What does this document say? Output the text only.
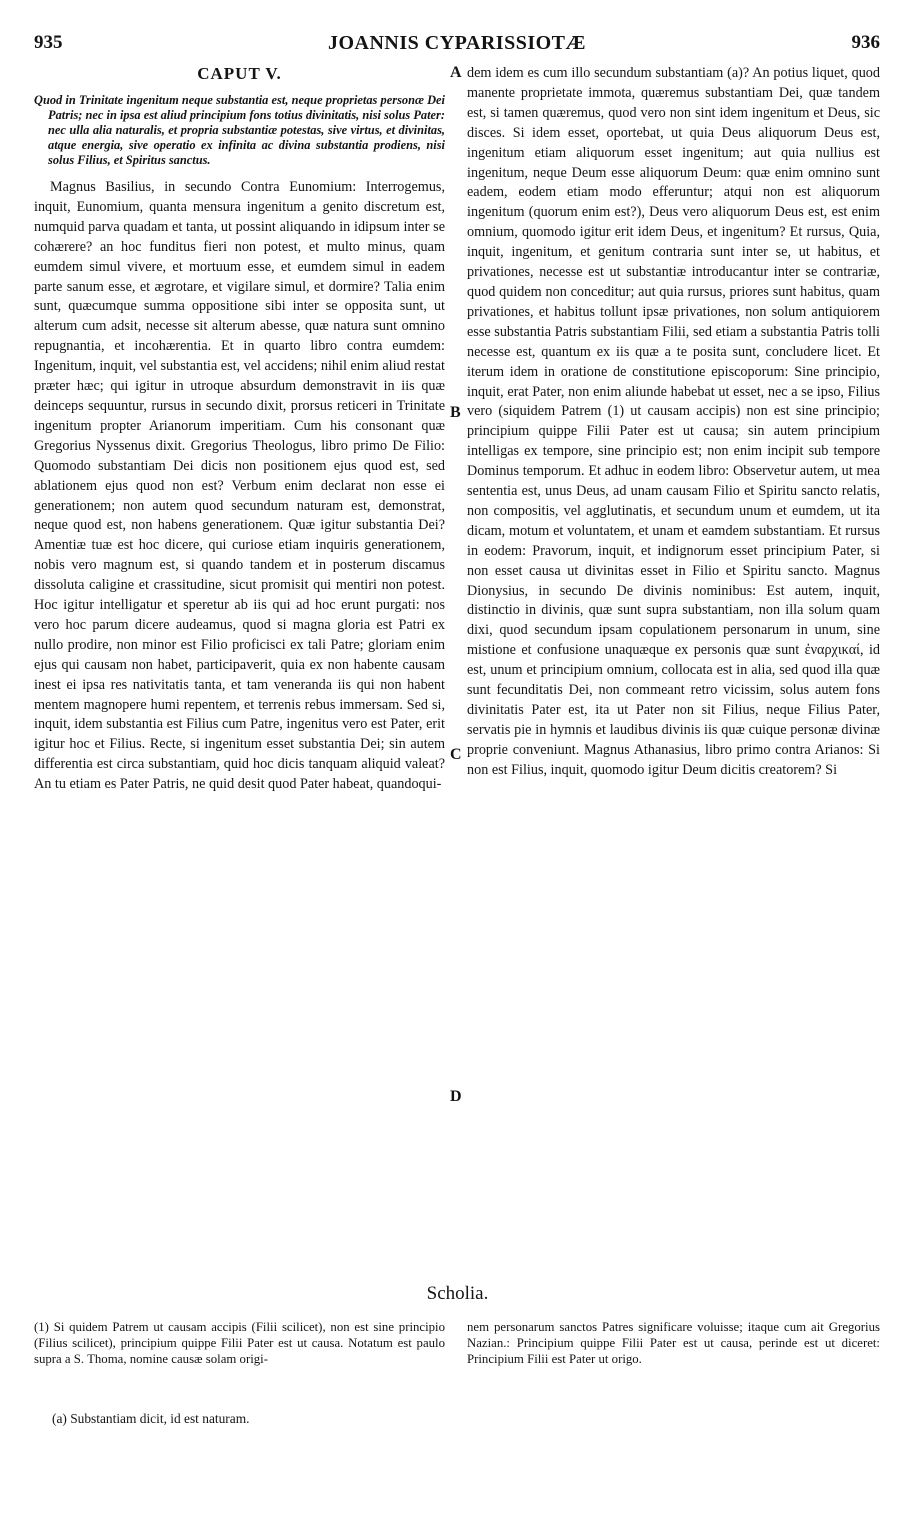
935	JOANNIS CYPARISSIOTÆ	936
CAPUT V.
Quod in Trinitate ingenitum neque substantia est, neque proprietas personæ Dei Patris; nec in ipsa est aliud principium fons totius divinitatis, nisi solus Pater: nec ulla alia naturalis, et propria substantiæ potestas, sive virtus, et divinitas, atque energia, sive operatio ex infinita ac divina substantia prodiens, nisi solus Filius, et Spiritus sanctus.
Magnus Basilius, in secundo Contra Eunomium: Interrogemus, inquit, Eunomium, quanta mensura ingenitum a genito discretum est, numquid parva quadam et tanta, ut possint aliquando in idipsum inter se cohærere? an hoc funditus fieri non potest, et multo minus, quam eumdem simul vivere, et mortuum esse, et eumdem simul in eadem parte sanum esse, et ægrotare, et vigilare simul, et dormire? Talia enim sunt, quæcumque summa oppositione sibi inter se opposita sunt, ut alterum cum adsit, necesse sit alterum abesse, quæ natura sunt omnino repugnantia, et incohærentia. Et in quarto libro contra eumdem: Ingenitum, inquit, vel substantia est, vel accidens; nihil enim aliud restat præter hæc; qui igitur in utroque absurdum demonstravit in iis quæ deinceps sequuntur, rursus in secundo dixit, prorsus reticeri in Trinitate ingenitum propter Arianorum imperitiam. Cum his consonant quæ Gregorius Nyssenus dixit. Gregorius Theologus, libro primo De Filio: Quomodo substantiam Dei dicis non positionem ejus quod est, sed ablationem ejus quod non est? Verbum enim declarat non esse ei generationem; non autem quod secundum naturam est, demonstrat, neque quod est, non habens generationem. Quæ igitur substantia Dei? Amentiæ tuæ est hoc dicere, qui curiose etiam inquiris generationem, nobis vero magnum est, si quando tandem et in posterum discamus dissoluta caligine et crassitudine, sicut promisit qui mentiri non potest. Hoc igitur intelligatur et speretur ab iis qui ad hoc erunt purgati: nos vero hoc parum dicere audeamus, quod si magna gloria est Patri ex nullo prodire, non minor est Filio proficisci ex tali Patre; gloriam enim ejus qui causam non habet, participaverit, quia ex non habente causam inest ei ipsa res nativitatis tanta, et tam veneranda iis qui non habent mentem magnopere humi repentem, et terrenis rebus immersam. Sed si, inquit, idem substantia est Filius cum Patre, ingenitus vero est Pater, erit igitur hoc et Filius. Recte, si ingenitum esset substantia Dei; sin autem differentia est circa substantiam, quid hoc dicis tanquam aliquid valeat? An tu etiam es Pater Patris, ne quid desit quod Pater habeat, quandoqui-
dem idem es cum illo secundum substantiam (a)? An potius liquet, quod manente proprietate immota, quæremus substantiam Dei, quæ tandem est, si tamen quæremus, quod vero non sint idem ingenitum et Deus, sic disces. Si idem esset, oportebat, ut quia Deus aliquorum Deus est, ingenitum etiam aliquorum esset ingenitum; aut quia nullius est ingenitum, neque Deum esse aliquorum Deum: quæ enim omnino sunt eadem, eodem etiam modo efferuntur; atqui non est aliquorum ingenitum (quorum enim est?), Deus vero aliquorum Deus est, est enim omnium, quomodo igitur erit idem Deus, et ingenitum? Et rursus, Quia, inquit, ingenitum, et genitum contraria sunt inter se, ut habitus, et privationes, necesse est ut substantiæ introducantur inter se contrariæ, quod quidem non conceditur; aut quia rursus, priores sunt habitus, quam privationes, et habitus tollunt ipsæ privationes, non solum antiquiorem esse substantia Patris substantiam Filii, sed etiam a substantia Patris tolli necesse est, quantum ex iis quæ a te posita sunt, concludere licet. Et iterum idem in oratione de constitutione episcoporum: Sine principio, inquit, erat Pater, non enim aliunde habebat ut esset, nec a se ipso, Filius vero (siquidem Patrem (1) ut causam accipis) non est sine principio; principium quippe Filii Pater est ut causa; sin autem principium intelligas ex tempore, sine principio est; non enim incipit sub tempore Dominus temporum. Et adhuc in eodem libro: Observetur autem, ut mea sententia est, unus Deus, ad unam causam Filio et Spiritu sancto relatis, non compositis, vel agglutinatis, et secundum unum et eumdem, ut ita dicam, motum et voluntatem, et unam et eamdem substantiam. Et rursus in eodem: Pravorum, inquit, et indignorum esset principium Pater, si non esset causa ut divinitas esset in Filio et Spiritu sancto. Magnus Dionysius, in secundo De divinis nominibus: Est autem, inquit, distinctio in divinis, quæ sunt supra substantiam, non illa solum quam dixi, quod secundum ipsam copulationem personarum in unum, sine mistione et confusione unaquæque ex personis quæ sunt ἐναρχικαί, id est, unum et principium omnium, collocata est in alia, sed quod illa quæ sunt fecunditatis Dei, non commeant retro vicissim, solus autem fons divinitatis Pater est, ita ut Pater non sit Filius, neque Filius Pater, servatis pie in hymnis et laudibus divinis iis quæ cuique personæ divinæ proprie conveniunt. Magnus Athanasius, libro primo contra Arianos: Si non est Filius, inquit, quomodo igitur Deum dicitis creatorem? Si
A
B
C
D
Scholia.
(1) Si quidem Patrem ut causam accipis (Filii scilicet), non est sine principio (Filius scilicet), principium quippe Filii Pater est ut causa. Notatum est paulo supra a S. Thoma, nomine causæ solam origi-
nem personarum sanctos Patres significare voluisse; itaque cum ait Gregorius Nazian.: Principium quippe Filii Pater est ut causa, perinde est ut diceret: Principium Filii est Pater ut origo.
(a) Substantiam dicit, id est naturam.
